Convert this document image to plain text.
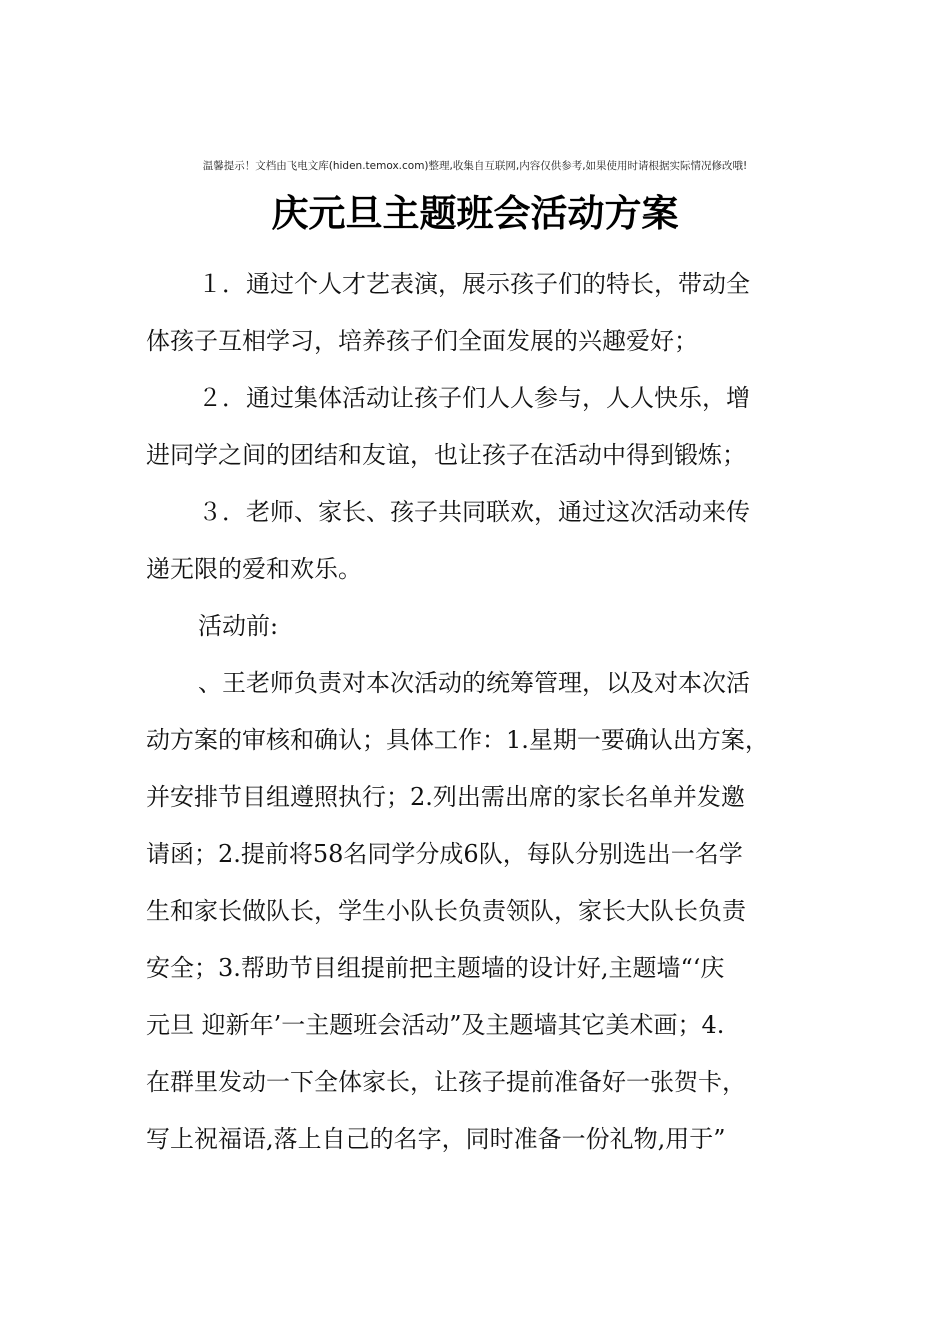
温馨提示！文档由飞电文库(hiden.temox.com)整理,收集自互联网,内容仅供参考,如果使用时请根据实际情况修改哦!
庆元旦主题班会活动方案
１．通过个人才艺表演，展示孩子们的特长，带动全
体孩子互相学习，培养孩子们全面发展的兴趣爱好；
２．通过集体活动让孩子们人人参与，人人快乐，增
进同学之间的团结和友谊，也让孩子在活动中得到锻炼；
３．老师、家长、孩子共同联欢，通过这次活动来传
递无限的爱和欢乐。
活动前:
、王老师负责对本次活动的统筹管理，以及对本次活
动方案的审核和确认；具体工作：1.星期一要确认出方案，
并安排节目组遵照执行；2.列出需出席的家长名单并发邀
请函；2.提前将58名同学分成6队，每队分别选出一名学
生和家长做队长，学生小队长负责领队，家长大队长负责
安全；3.帮助节目组提前把主题墙的设计好,主题墙“‘庆
元旦 迎新年’一主题班会活动”及主题墙其它美术画；4.
在群里发动一下全体家长，让孩子提前准备好一张贺卡，
写上祝福语,落上自己的名字，同时准备一份礼物,用于”
